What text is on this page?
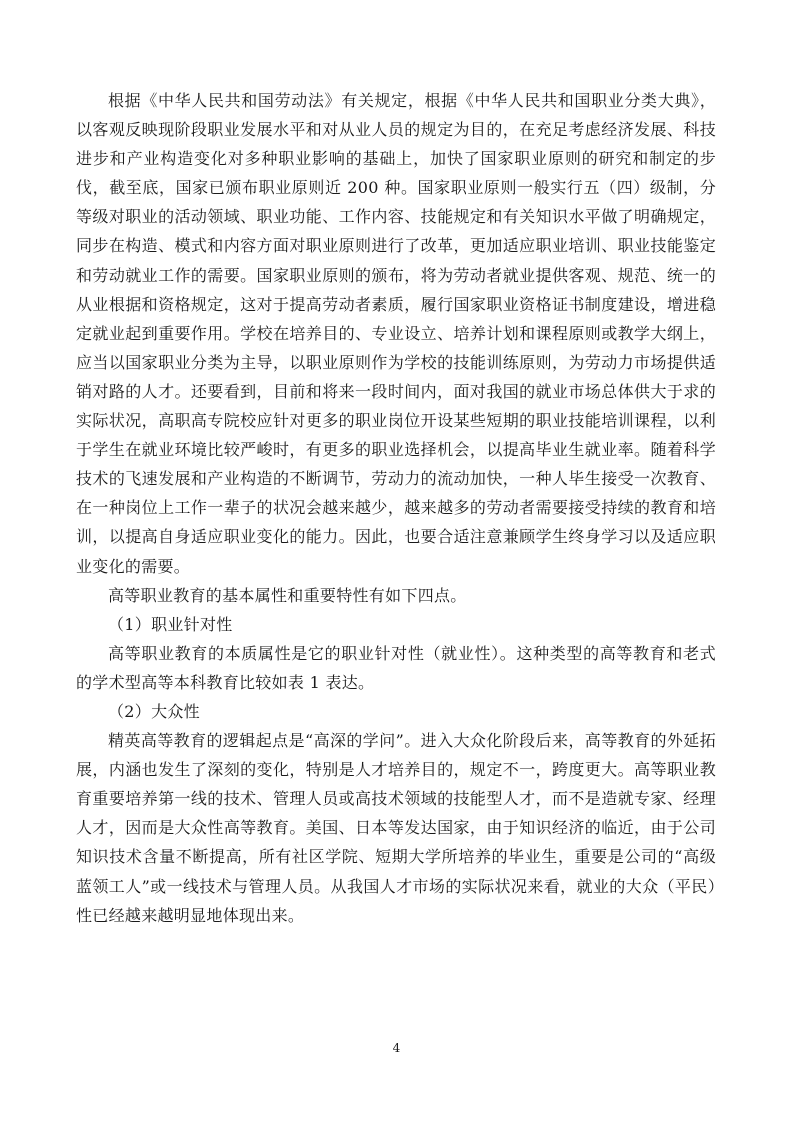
根据《中华人民共和国劳动法》有关规定，根据《中华人民共和国职业分类大典》，以客观反映现阶段职业发展水平和对从业人员的规定为目的，在充足考虑经济发展、科技进步和产业构造变化对多种职业影响的基础上，加快了国家职业原则的研究和制定的步伐，截至底，国家已颁布职业原则近 200 种。国家职业原则一般实行五（四）级制，分等级对职业的活动领域、职业功能、工作内容、技能规定和有关知识水平做了明确规定，同步在构造、模式和内容方面对职业原则进行了改革，更加适应职业培训、职业技能鉴定和劳动就业工作的需要。国家职业原则的颁布，将为劳动者就业提供客观、规范、统一的从业根据和资格规定，这对于提高劳动者素质，履行国家职业资格证书制度建设，增进稳定就业起到重要作用。学校在培养目的、专业设立、培养计划和课程原则或教学大纲上，应当以国家职业分类为主导，以职业原则作为学校的技能训练原则，为劳动力市场提供适销对路的人才。还要看到，目前和将来一段时间内，面对我国的就业市场总体供大于求的实际状况，高职高专院校应针对更多的职业岗位开设某些短期的职业技能培训课程，以利于学生在就业环境比较严峻时，有更多的职业选择机会，以提高毕业生就业率。随着科学技术的飞速发展和产业构造的不断调节，劳动力的流动加快，一种人毕生接受一次教育、在一种岗位上工作一辈子的状况会越来越少，越来越多的劳动者需要接受持续的教育和培训，以提高自身适应职业变化的能力。因此，也要合适注意兼顾学生终身学习以及适应职业变化的需要。

高等职业教育的基本属性和重要特性有如下四点。

（1）职业针对性

高等职业教育的本质属性是它的职业针对性（就业性）。这种类型的高等教育和老式的学术型高等本科教育比较如表 1 表达。

（2）大众性

精英高等教育的逻辑起点是“高深的学问”。进入大众化阶段后来，高等教育的外延拓展，内涵也发生了深刻的变化，特别是人才培养目的，规定不一，跨度更大。高等职业教育重要培养第一线的技术、管理人员或高技术领域的技能型人才，而不是造就专家、经理人才，因而是大众性高等教育。美国、日本等发达国家，由于知识经济的临近，由于公司知识技术含量不断提高，所有社区学院、短期大学所培养的毕业生，重要是公司的“高级蓝领工人”或一线技术与管理人员。从我国人才市场的实际状况来看，就业的大众（平民）性已经越来越明显地体现出来。

4
